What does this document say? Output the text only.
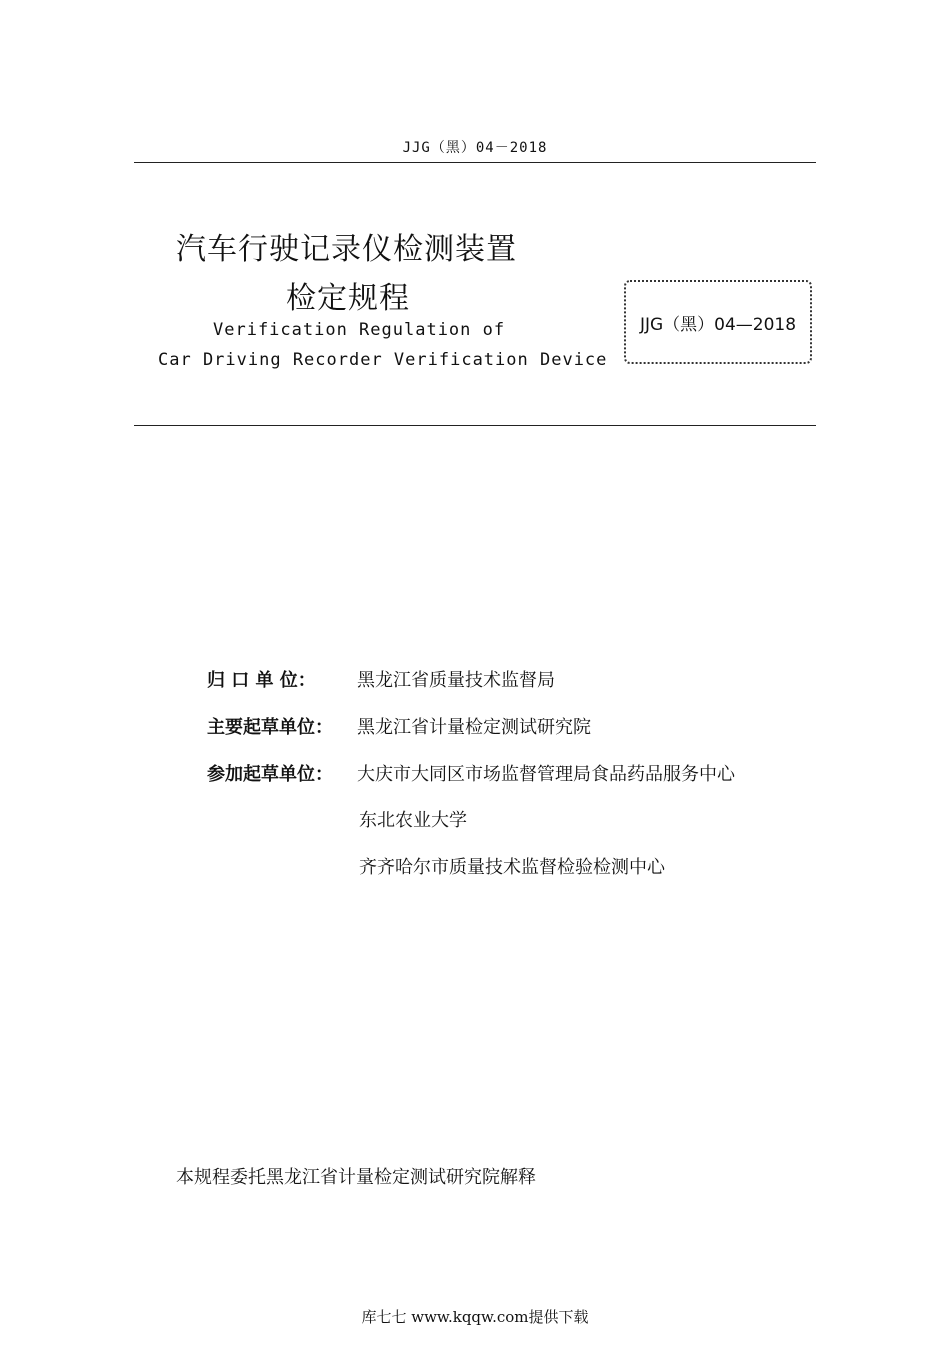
JJG（黑）04－2018
汽车行驶记录仪检测装置
检定规程
Verification Regulation of
Car Driving Recorder Verification Device
JJG（黑）04—2018
归 口 单 位： 黑龙江省质量技术监督局
主要起草单位： 黑龙江省计量检定测试研究院
参加起草单位： 大庆市大同区市场监督管理局食品药品服务中心
东北农业大学
齐齐哈尔市质量技术监督检验检测中心
本规程委托黑龙江省计量检定测试研究院解释
库七七 www.kqqw.com提供下载
